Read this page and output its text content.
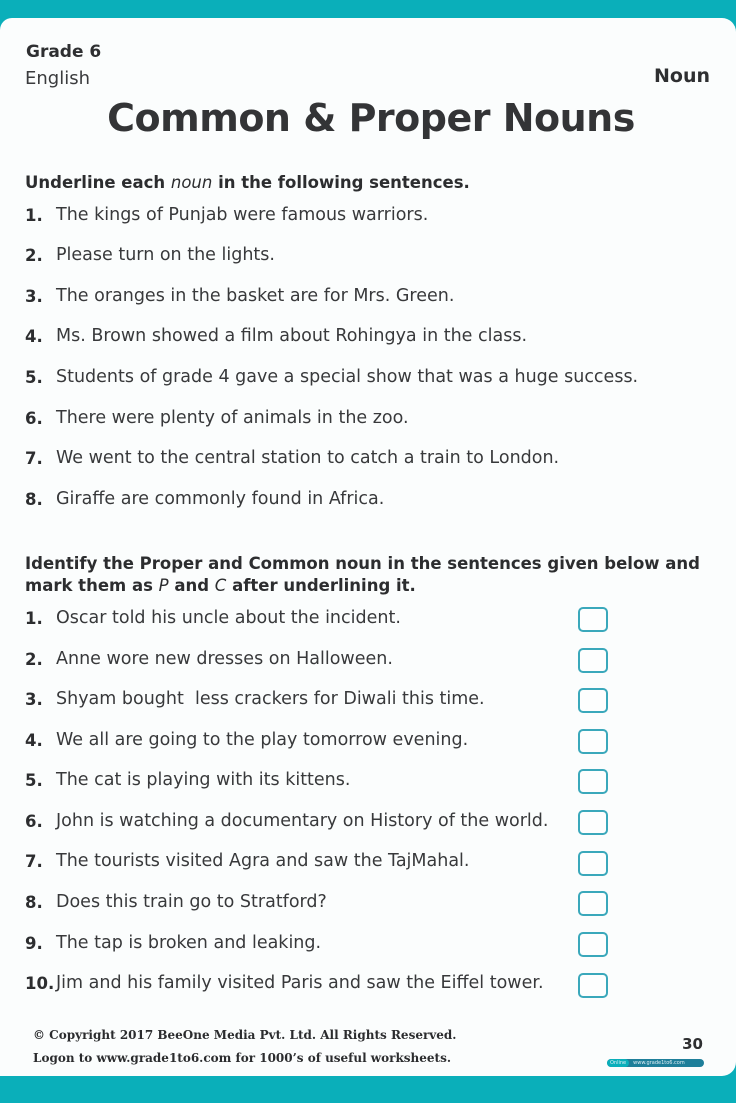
Grade 6
English	Noun
Common & Proper Nouns
Underline each noun in the following sentences.
1. The kings of Punjab were famous warriors.
2. Please turn on the lights.
3. The oranges in the basket are for Mrs. Green.
4. Ms. Brown showed a film about Rohingya in the class.
5. Students of grade 4 gave a special show that was a huge success.
6. There were plenty of animals in the zoo.
7. We went to the central station to catch a train to London.
8. Giraffe are commonly found in Africa.
Identify the Proper and Common noun in the sentences given below and
mark them as P and C after underlining it.
1. Oscar told his uncle about the incident.
2. Anne wore new dresses on Halloween.
3. Shyam bought  less crackers for Diwali this time.
4. We all are going to the play tomorrow evening.
5. The cat is playing with its kittens.
6. John is watching a documentary on History of the world.
7. The tourists visited Agra and saw the TajMahal.
8. Does this train go to Stratford?
9. The tap is broken and leaking.
10. Jim and his family visited Paris and saw the Eiffel tower.
© Copyright 2017 BeeOne Media Pvt. Ltd. All Rights Reserved.
Logon to www.grade1to6.com for 1000’s of useful worksheets.
30
Online	www.grade1to6.com
